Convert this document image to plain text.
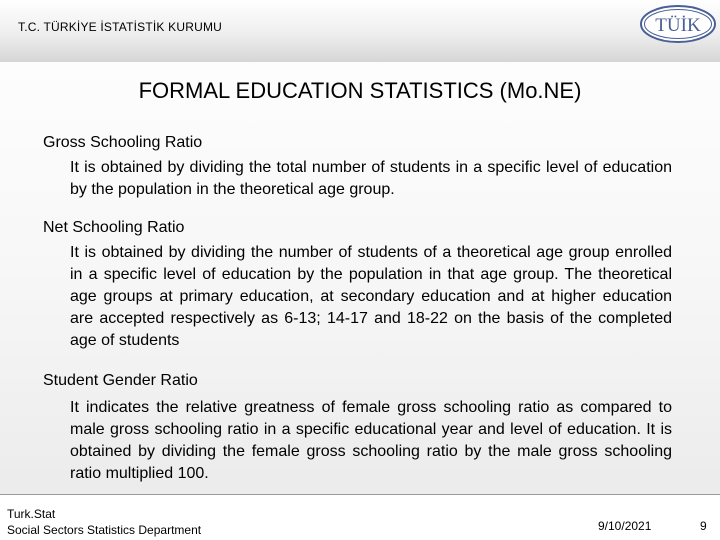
T.C. TÜRKİYE İSTATİSTİK KURUMU	TÜİK
FORMAL EDUCATION STATISTICS (Mo.NE)
Gross Schooling Ratio
It is obtained by dividing the total number of students in a specific level of education by the population in the theoretical age group.
Net Schooling Ratio
It is obtained by dividing the number of students of a theoretical age group enrolled in a specific level of education by the population in that age group. The theoretical age groups at primary education, at secondary education and at higher education are accepted respectively as 6-13; 14-17 and 18-22 on the basis of the completed age of students
Student Gender Ratio
It indicates the relative greatness of female gross schooling ratio as compared to male gross schooling ratio in a specific educational year and level of education. It is obtained by dividing the female gross schooling ratio by the male gross schooling ratio multiplied 100.
Turk.Stat
Social Sectors Statistics Department	9/10/2021	9
